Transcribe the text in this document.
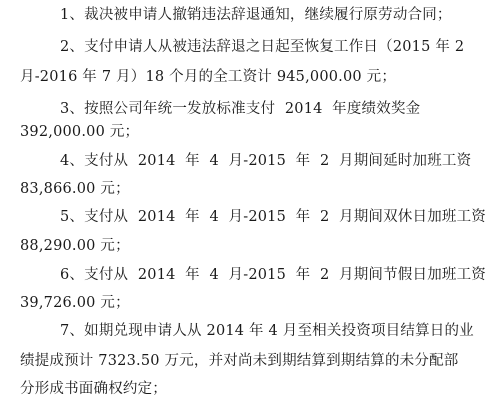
1、裁决被申请人撤销违法辞退通知，继续履行原劳动合同；
2、支付申请人从被违法辞退之日起至恢复工作日（2015 年 2
月-2016 年 7 月）18 个月的全工资计 945,000.00 元；
3、按照公司年统一发放标准支付  2014  年度绩效奖金
392,000.00 元；
4、支付从  2014  年  4  月-2015  年  2  月期间延时加班工资
83,866.00 元；
5、支付从  2014  年  4  月-2015  年  2  月期间双休日加班工资
88,290.00 元；
6、支付从  2014  年  4  月-2015  年  2  月期间节假日加班工资
39,726.00 元；
7、如期兑现申请人从 2014 年 4 月至相关投资项目结算日的业
绩提成预计 7323.50 万元，并对尚未到期结算到期结算的未分配部
分形成书面确权约定；
